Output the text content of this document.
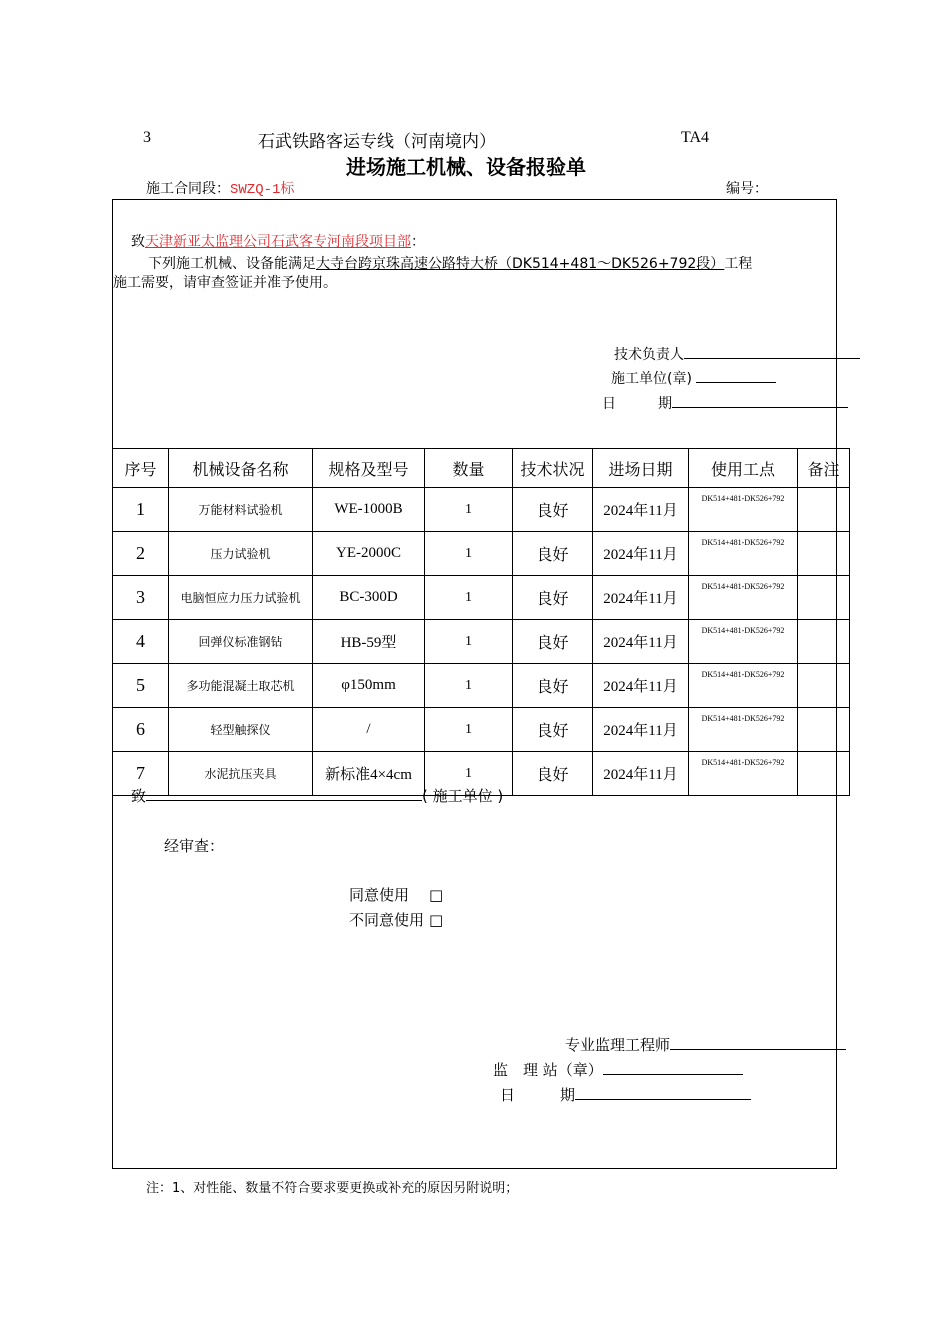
3	石武铁路客运专线（河南境内）	TA4
进场施工机械、设备报验单
施工合同段：SWZQ-1标	编号：
致天津新亚太监理公司石武客专河南段项目部：
下列施工机械、设备能满足大寺台跨京珠高速公路特大桥（DK514+481～DK526+792段）工程
施工需要，请审查签证并准予使用。
技术负责人
施工单位(章)
日　　　期
序号	机械设备名称	规格及型号	数量	技术状况	进场日期	使用工点	备注
1	万能材料试验机	WE-1000B	1	良好	2024年11月	DK514+481-DK526+792	
2	压力试验机	YE-2000C	1	良好	2024年11月	DK514+481-DK526+792	
3	电脑恒应力压力试验机	BC-300D	1	良好	2024年11月	DK514+481-DK526+792	
4	回弹仪标准钢钻	HB-59型	1	良好	2024年11月	DK514+481-DK526+792	
5	多功能混凝土取芯机	φ150mm	1	良好	2024年11月	DK514+481-DK526+792	
6	轻型触探仪	/	1	良好	2024年11月	DK514+481-DK526+792	
7	水泥抗压夹具	新标准4×4cm	1	良好	2024年11月	DK514+481-DK526+792	
致	( 施工单位 )
经审查：
同意使用 □
不同意使用 □
专业监理工程师
监　理 站（章）
日　　　期
注：1、对性能、数量不符合要求要更换或补充的原因另附说明；
